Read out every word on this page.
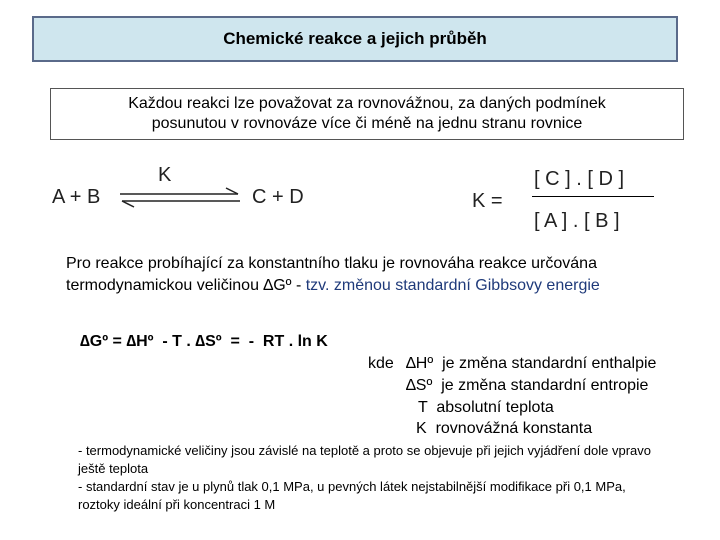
Chemické reakce a jejich průběh
Každou reakci lze považovat za rovnovážnou, za daných podmínek
posunutou v rovnováze více či méně na jednu stranu rovnice
A + B
K
C + D	K =
[ C ] . [ D ]
[ A ] . [ B ]
Pro reakce probíhající za konstantního tlaku je rovnováha reakce určována
termodynamickou veličinou ∆Gº - tzv. změnou standardní Gibbsovy energie
∆Gº = ∆Hº  - T . ∆Sº  =  -  RT . ln K
kde ∆Hº  je změna standardní enthalpie
∆Sº  je změna standardní entropie
T  absolutní teplota
K  rovnovážná konstanta
- termodynamické veličiny jsou závislé na teplotě a proto se objevuje při jejich vyjádření dole vpravo
ještě teplota
- standardní stav je u plynů tlak 0,1 MPa, u pevných látek nejstabilnější modifikace při 0,1 MPa,
roztoky ideální při koncentraci 1 M
